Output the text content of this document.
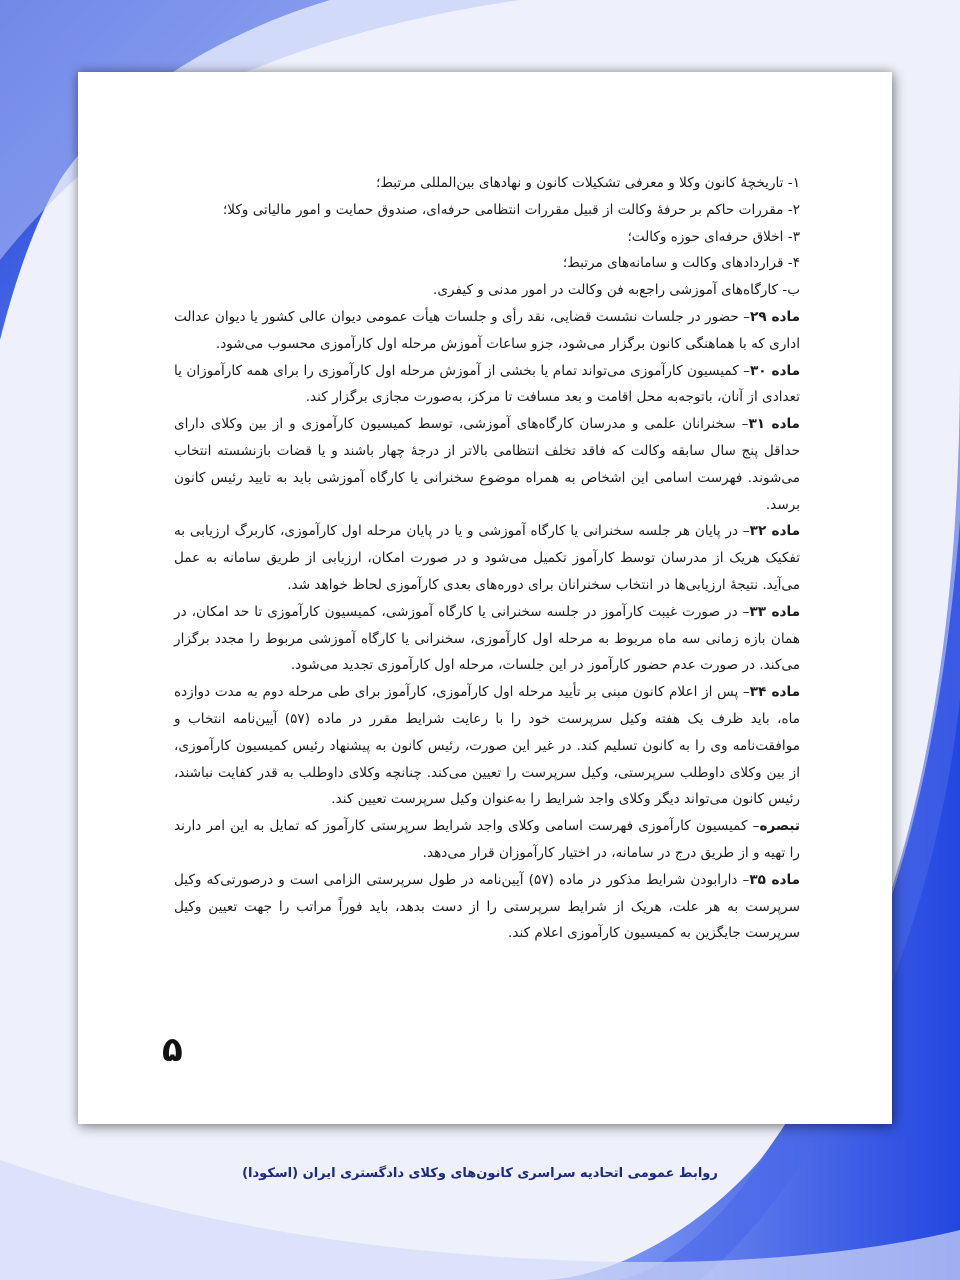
۱- تاریخچهٔ کانون وکلا و معرفی تشکیلات کانون و نهادهای بین‌المللی مرتبط؛

۲- مقررات حاکم بر حرفهٔ وکالت از قبیل مقررات انتظامی حرفه‌ای، صندوق حمایت و امور مالیاتی وکلا؛

۳- اخلاق حرفه‌ای حوزه وکالت؛

۴- قراردادهای وکالت و سامانه‌های مرتبط؛

ب- کارگاه‌های آموزشی راجع‌به فن وکالت در امور مدنی و کیفری.

ماده ۲۹– حضور در جلسات نشست قضایی، نقد رأی و جلسات هیأت عمومی دیوان عالی کشور یا دیوان عدالت اداری که با هماهنگی کانون برگزار می‌شود، جزو ساعات آموزش مرحله اول کارآموزی محسوب می‌شود.

ماده ۳۰– کمیسیون کارآموزی می‌تواند تمام یا بخشی از آموزش مرحله اول کارآموزی را برای همه کارآموزان یا تعدادی از آنان، باتوجه‌به محل اقامت و بعد مسافت تا مرکز، به‌صورت مجازی برگزار کند.

ماده ۳۱– سخنرانان علمی و مدرسان کارگاه‌های آموزشی، توسط کمیسیون کارآموزی و از بین وکلای دارای حداقل پنج سال سابقه وکالت که فاقد تخلف انتظامی بالاتر از درجهٔ چهار باشند و یا قضات بازنشسته انتخاب می‌شوند. فهرست اسامی این اشخاص به همراه موضوع سخنرانی یا کارگاه آموزشی باید به تایید رئیس کانون برسد.

ماده ۳۲– در پایان هر جلسه سخنرانی یا کارگاه آموزشی و یا در پایان مرحله اول کارآموزی، کاربرگ ارزیابی به تفکیک هریک از مدرسان توسط کارآموز تکمیل می‌شود و در صورت امکان، ارزیابی از طریق سامانه به عمل می‌آید. نتیجهٔ ارزیابی‌ها در انتخاب سخنرانان برای دوره‌های بعدی کارآموزی لحاظ خواهد شد.

ماده ۳۳– در صورت غیبت کارآموز در جلسه سخنرانی یا کارگاه آموزشی، کمیسیون کارآموزی تا حد امکان، در همان بازه زمانی سه ماه مربوط به مرحله اول کارآموزی، سخنرانی یا کارگاه آموزشی مربوط را مجدد برگزار می‌کند. در صورت عدم حضور کارآموز در این جلسات، مرحله اول کارآموزی تجدید می‌شود.

ماده ۳۴– پس از اعلام کانون مبنی بر تأیید مرحله اول کارآموزی، کارآموز برای طی مرحله دوم به مدت دوازده ماه، باید ظرف یک هفته وکیل سرپرست خود را با رعایت شرایط مقرر در ماده (۵۷) آیین‌نامه انتخاب و موافقت‌نامه وی را به کانون تسلیم کند. در غیر این صورت، رئیس کانون به پیشنهاد رئیس کمیسیون کارآموزی، از بین وکلای داوطلب سرپرستی، وکیل سرپرست را تعیین می‌کند. چنانچه وکلای داوطلب به قدر کفایت نباشند، رئیس کانون می‌تواند دیگر وکلای واجد شرایط را به‌عنوان وکیل سرپرست تعیین کند.

تبصره– کمیسیون کارآموزی فهرست اسامی وکلای واجد شرایط سرپرستی کارآموز که تمایل به این امر دارند را تهیه و از طریق درج در سامانه، در اختیار کارآموزان قرار می‌دهد.

ماده ۳۵– دارابودن شرایط مذکور در ماده (۵۷) آیین‌نامه در طول سرپرستی الزامی است و درصورتی‌که وکیل سرپرست به هر علت، هریک از شرایط سرپرستی را از دست بدهد، باید فوراً مراتب را جهت تعیین وکیل سرپرست جایگزین به کمیسیون کارآموزی اعلام کند.

۵
روابط عمومی اتحادیه سراسری کانون‌های وکلای دادگستری ایران (اسکودا)
